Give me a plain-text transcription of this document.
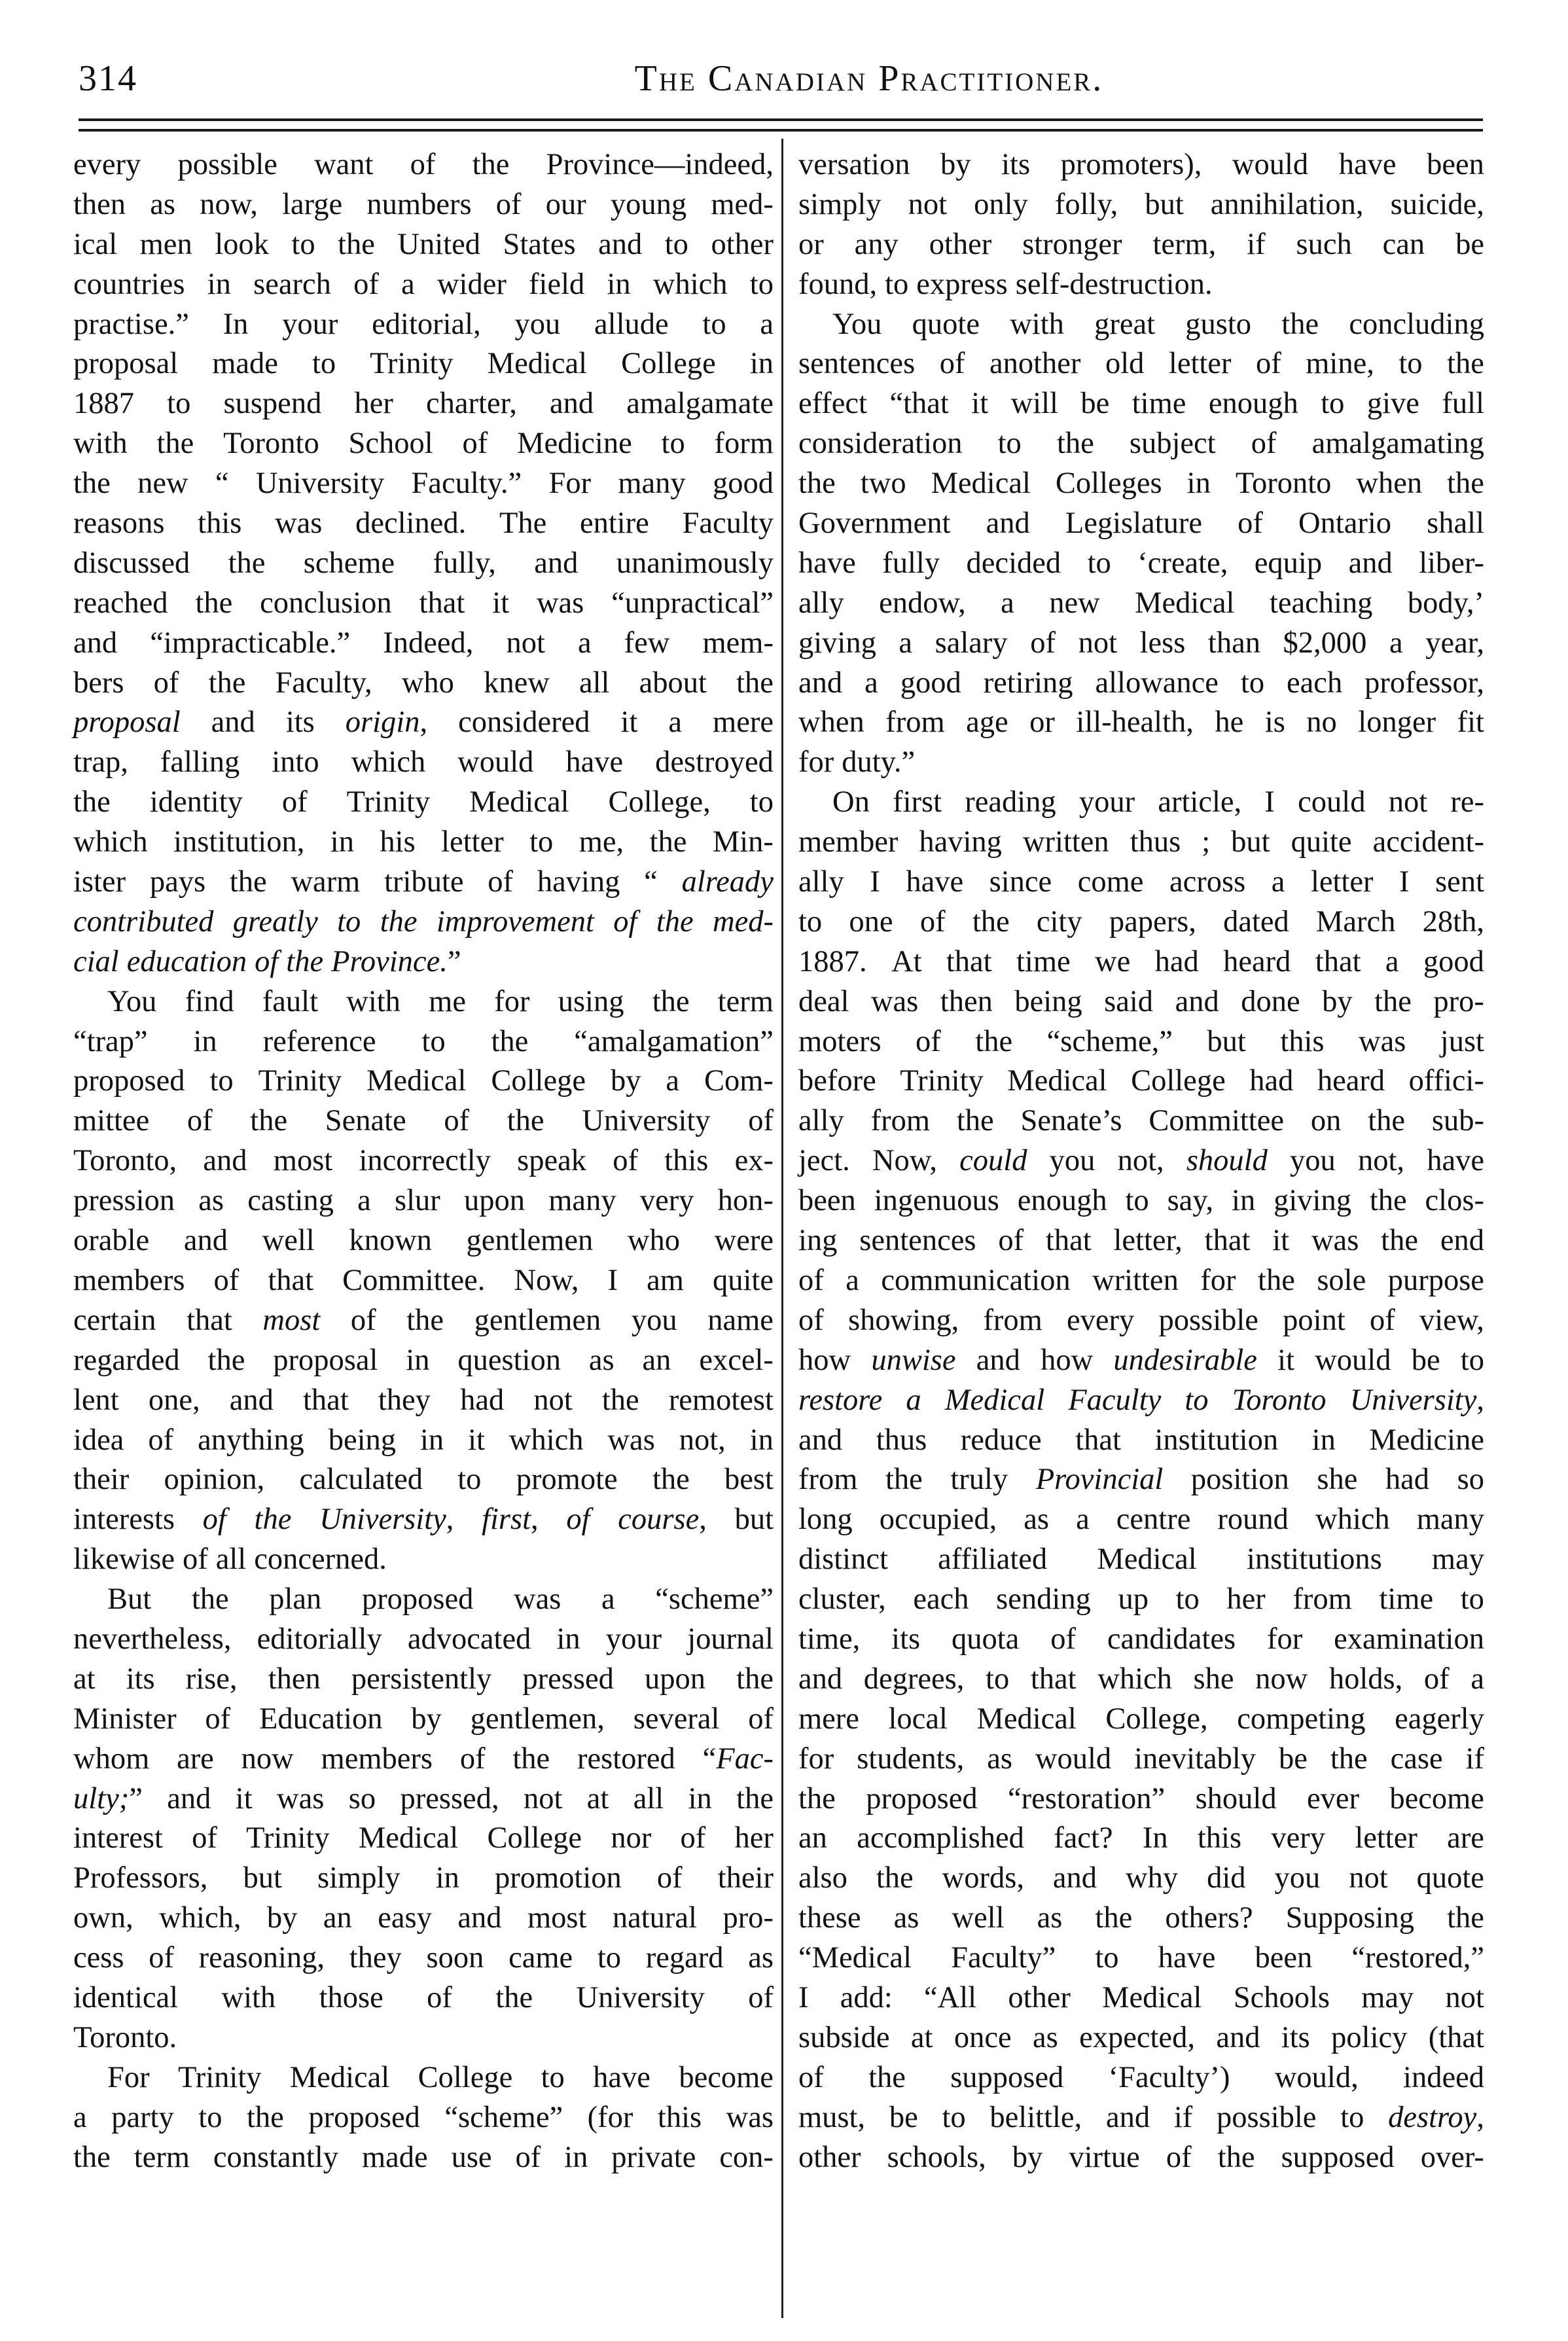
314	The Canadian Practitioner.
every possible want of the Province—indeed,
then as now, large numbers of our young med-
ical men look to the United States and to other
countries in search of a wider field in which to
practise.” In your editorial, you allude to a
proposal made to Trinity Medical College in
1887 to suspend her charter, and amalgamate
with the Toronto School of Medicine to form
the new “ University Faculty.” For many good
reasons this was declined. The entire Faculty
discussed the scheme fully, and unanimously
reached the conclusion that it was “unpractical”
and “impracticable.” Indeed, not a few mem-
bers of the Faculty, who knew all about the
proposal and its origin, considered it a mere
trap, falling into which would have destroyed
the identity of Trinity Medical College, to
which institution, in his letter to me, the Min-
ister pays the warm tribute of having “ already
contributed greatly to the improvement of the med-
cial education of the Province.”
You find fault with me for using the term
“trap” in reference to the “amalgamation”
proposed to Trinity Medical College by a Com-
mittee of the Senate of the University of
Toronto, and most incorrectly speak of this ex-
pression as casting a slur upon many very hon-
orable and well known gentlemen who were
members of that Committee. Now, I am quite
certain that most of the gentlemen you name
regarded the proposal in question as an excel-
lent one, and that they had not the remotest
idea of anything being in it which was not, in
their opinion, calculated to promote the best
interests of the University, first, of course, but
likewise of all concerned.
But the plan proposed was a “scheme”
nevertheless, editorially advocated in your journal
at its rise, then persistently pressed upon the
Minister of Education by gentlemen, several of
whom are now members of the restored “Fac-
ulty;” and it was so pressed, not at all in the
interest of Trinity Medical College nor of her
Professors, but simply in promotion of their
own, which, by an easy and most natural pro-
cess of reasoning, they soon came to regard as
identical with those of the University of
Toronto.
For Trinity Medical College to have become
a party to the proposed “scheme” (for this was
the term constantly made use of in private con-
versation by its promoters), would have been
simply not only folly, but annihilation, suicide,
or any other stronger term, if such can be
found, to express self-destruction.
You quote with great gusto the concluding
sentences of another old letter of mine, to the
effect “that it will be time enough to give full
consideration to the subject of amalgamating
the two Medical Colleges in Toronto when the
Government and Legislature of Ontario shall
have fully decided to ‘create, equip and liber-
ally endow, a new Medical teaching body,’
giving a salary of not less than $2,000 a year,
and a good retiring allowance to each professor,
when from age or ill-health, he is no longer fit
for duty.”
On first reading your article, I could not re-
member having written thus ; but quite accident-
ally I have since come across a letter I sent
to one of the city papers, dated March 28th,
1887. At that time we had heard that a good
deal was then being said and done by the pro-
moters of the “scheme,” but this was just
before Trinity Medical College had heard offici-
ally from the Senate’s Committee on the sub-
ject. Now, could you not, should you not, have
been ingenuous enough to say, in giving the clos-
ing sentences of that letter, that it was the end
of a communication written for the sole purpose
of showing, from every possible point of view,
how unwise and how undesirable it would be to
restore a Medical Faculty to Toronto University,
and thus reduce that institution in Medicine
from the truly Provincial position she had so
long occupied, as a centre round which many
distinct affiliated Medical institutions may
cluster, each sending up to her from time to
time, its quota of candidates for examination
and degrees, to that which she now holds, of a
mere local Medical College, competing eagerly
for students, as would inevitably be the case if
the proposed “restoration” should ever become
an accomplished fact? In this very letter are
also the words, and why did you not quote
these as well as the others? Supposing the
“Medical Faculty” to have been “restored,”
I add: “All other Medical Schools may not
subside at once as expected, and its policy (that
of the supposed ‘Faculty’) would, indeed
must, be to belittle, and if possible to destroy,
other schools, by virtue of the supposed over-
